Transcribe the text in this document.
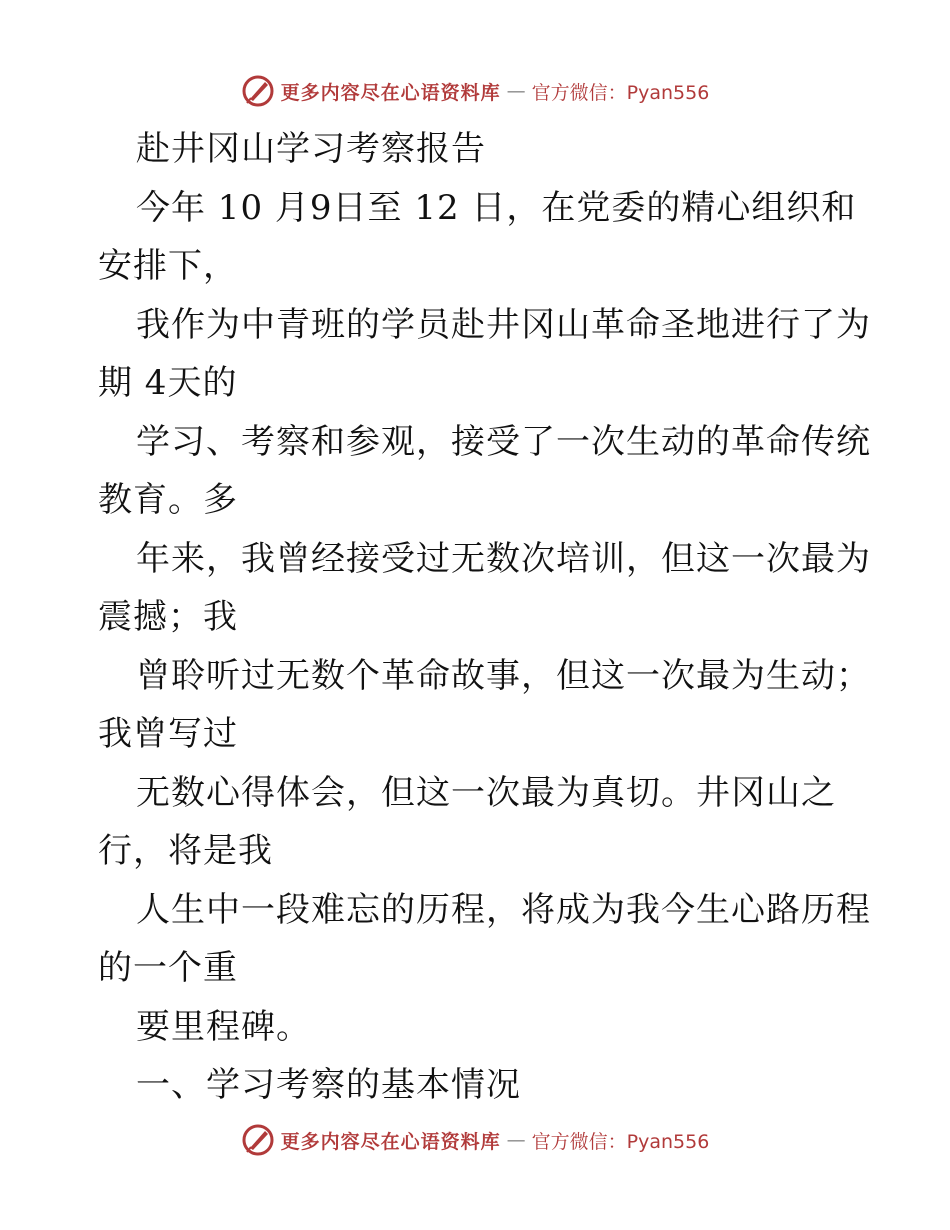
更多内容尽在心语资料库 — 官方微信：Pyan556
赴井冈山学习考察报告
今年 10 月9日至 12 日，在党委的精心组织和
安排下，
我作为中青班的学员赴井冈山革命圣地进行了为
期 4天的
学习、考察和参观，接受了一次生动的革命传统
教育。多
年来，我曾经接受过无数次培训，但这一次最为
震撼；我
曾聆听过无数个革命故事，但这一次最为生动；
我曾写过
无数心得体会，但这一次最为真切。井冈山之
行，将是我
人生中一段难忘的历程，将成为我今生心路历程
的一个重
要里程碑。
一、学习考察的基本情况
更多内容尽在心语资料库 — 官方微信：Pyan556
